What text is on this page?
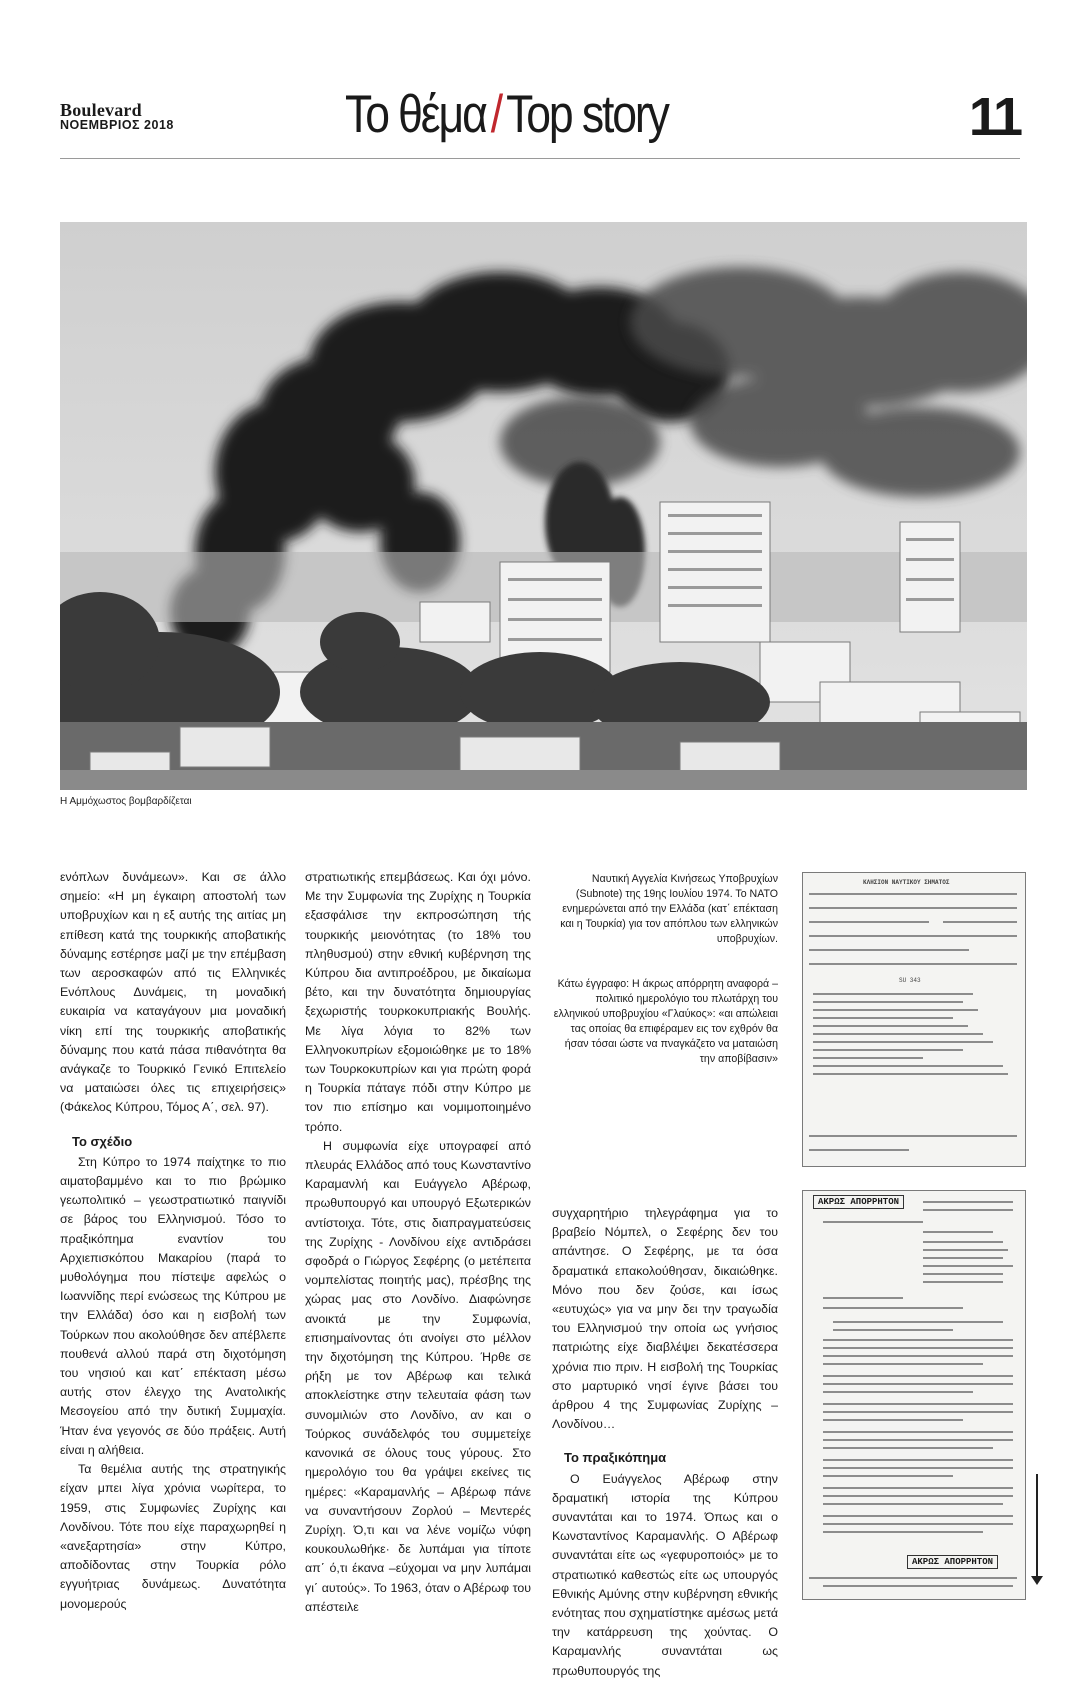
Boulevard
ΝΟΕΜΒΡΙΟΣ 2018	Το θέμα/Top story	11
Η Αμμόχωστος βομβαρδίζεται

ενόπλων δυνάμεων». Και σε άλλο σημείο: «Η μη έγκαιρη αποστολή των υποβρυχίων και η εξ αυτής της αιτίας μη επίθεση κατά της τουρκικής αποβατικής δύναμης εστέρησε μαζί με την επέμβαση των αεροσκαφών από τις Ελληνικές Ενόπλους Δυνάμεις, τη μοναδική ευκαιρία να καταγάγουν μια μοναδική νίκη επί της τουρκικής αποβατικής δύναμης που κατά πάσα πιθανότητα θα ανάγκαζε το Τουρκικό Γενικό Επιτελείο να ματαιώσει όλες τις επιχειρήσεις» (Φάκελος Κύπρου, Τόμος Α΄, σελ. 97).

Το σχέδιο

Στη Κύπρο το 1974 παίχτηκε το πιο αιματοβαμμένο και το πιο βρώμικο γεωπολιτικό – γεωστρατιωτικό παιγνίδι σε βάρος του Ελληνισμού. Τόσο το πραξικόπημα εναντίον του Αρχιεπισκόπου Μακαρίου (παρά το μυθολόγημα που πίστεψε αφελώς ο Ιωαννίδης περί ενώσεως της Κύπρου με την Ελλάδα) όσο και η εισβολή των Τούρκων που ακολούθησε δεν απέβλεπε πουθενά αλλού παρά στη διχοτόμηση του νησιού και κατ΄ επέκταση μέσω αυτής στον έλεγχο της Ανατολικής Μεσογείου από την δυτική Συμμαχία. Ήταν ένα γεγονός σε δύο πράξεις. Αυτή είναι η αλήθεια.

Τα θεμέλια αυτής της στρατηγικής είχαν μπει λίγα χρόνια νωρίτερα, το 1959, στις Συμφωνίες Ζυρίχης και Λονδίνου. Τότε που είχε παραχωρηθεί η «ανεξαρτησία» στην Κύπρο, αποδίδοντας στην Τουρκία ρόλο εγγυήτριας δυνάμεως. Δυνατότητα μονομερούς

στρατιωτικής επεμβάσεως. Και όχι μόνο. Με την Συμφωνία της Ζυρίχης η Τουρκία εξασφάλισε την εκπροσώπηση τής τουρκικής μειονότητας (το 18% του πληθυσμού) στην εθνική κυβέρνηση της Κύπρου δια αντιπροέδρου, με δικαίωμα βέτο, και την δυνατότητα δημιουργίας ξεχωριστής τουρκοκυπριακής Βουλής. Με λίγα λόγια το 82% των Ελληνοκυπρίων εξομοιώθηκε με το 18% των Τουρκοκυπρίων και για πρώτη φορά η Τουρκία πάταγε πόδι στην Κύπρο με τον πιο επίσημο και νομιμοποιημένο τρόπο.

Η συμφωνία είχε υπογραφεί από πλευράς Ελλάδος από τους Κωνσταντίνο Καραμανλή και Ευάγγελο Αβέρωφ, πρωθυπουργό και υπουργό Εξωτερικών αντίστοιχα. Τότε, στις διαπραγματεύσεις της Ζυρίχης - Λονδίνου είχε αντιδράσει σφοδρά ο Γιώργος Σεφέρης (ο μετέπειτα νομπελίστας ποιητής μας), πρέσβης της χώρας μας στο Λονδίνο. Διαφώνησε ανοικτά με την Συμφωνία, επισημαίνοντας ότι ανοίγει στο μέλλον την διχοτόμηση της Κύπρου. Ήρθε σε ρήξη με τον Αβέρωφ και τελικά αποκλείστηκε στην τελευταία φάση των συνομιλιών στο Λονδίνο, αν και ο Τούρκος συνάδελφός του συμμετείχε κανονικά σε όλους τους γύρους. Στο ημερολόγιο του θα γράψει εκείνες τις ημέρες: «Καραμανλής – Αβέρωφ πάνε να συναντήσουν Ζορλού – Μεντερές Ζυρίχη. Ό,τι και να λένε νομίζω νύφη κουκουλωθήκε· δε λυπάμαι για τίποτε απ΄ ό,τι έκανα –εύχομαι να μην λυπάμαι γι΄ αυτούς». Το 1963, όταν ο Αβέρωφ του απέστειλε

Ναυτική Αγγελία Κινήσεως Υποβρυχίων (Subnote) της 19ης Ιουλίου 1974. Το ΝΑΤΟ ενημερώνεται από την Ελλάδα (κατ΄ επέκταση και η Τουρκία) για τον απόπλου των ελληνικών υποβρυχίων.
Κάτω έγγραφο: Η άκρως απόρρητη αναφορά – πολιτικό ημερολόγιο του πλωτάρχη του ελληνικού υποβρυχίου «Γλαύκος»: «αι απώλειαι τας οποίας θα επιφέραμεν εις τον εχθρόν θα ήσαν τόσαι ώστε να πναγκάζετο να ματαιώση την αποβίβασιν»

συγχαρητήριο τηλεγράφημα για το βραβείο Νόμπελ, ο Σεφέρης δεν του απάντησε. Ο Σεφέρης, με τα όσα δραματικά επακολούθησαν, δικαιώθηκε. Μόνο που δεν ζούσε, και ίσως «ευτυχώς» για να μην δει την τραγωδία του Ελληνισμού την οποία ως γνήσιος πατριώτης είχε διαβλέψει δεκατέσσερα χρόνια πιο πριν. Η εισβολή της Τουρκίας στο μαρτυρικό νησί έγινε βάσει του άρθρου 4 της Συμφωνίας Ζυρίχης – Λονδίνου…

Το πραξικόπημα

Ο Ευάγγελος Αβέρωφ στην δραματική ιστορία της Κύπρου συναντάται και το 1974. Όπως και ο Κωνσταντίνος Καραμανλής. Ο Αβέρωφ συναντάται είτε ως «γεφυροποιός» με το στρατιωτικό καθεστώς είτε ως υπουργός Εθνικής Αμύνης στην κυβέρνηση εθνικής ενότητας που σχηματίστηκε αμέσως μετά την κατάρρευση της χούντας. Ο Καραμανλής συναντάται ως πρωθυπουργός της

ΚΛΗΣΙΟΝ ΝΑΥΤΙΚΟΥ ΣΗΜΑΤΟΣ
SU 343
ΑΚΡΩΣ ΑΠΟΡΡΗΤΟΝ
ΑΚΡΩΣ ΑΠΟΡΡΗΤΟΝ
